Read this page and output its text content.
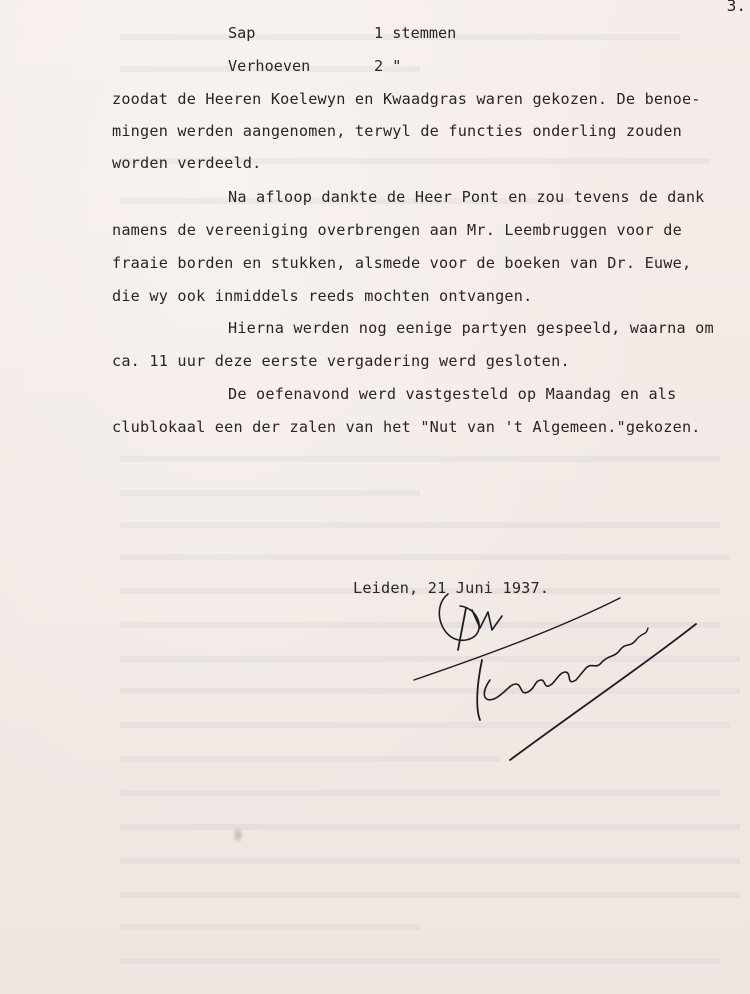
3.
Sap	1 stemmen
Verhoeven	2 "
zoodat de Heeren Koelewyn en Kwaadgras waren gekozen. De benoe-
mingen werden aangenomen, terwyl de functies onderling zouden
worden verdeeld.
Na afloop dankte de Heer Pont en zou tevens de dank
namens de vereeniging overbrengen aan Mr. Leembruggen voor de
fraaie borden en stukken, alsmede voor de boeken van Dr. Euwe,
die wy ook inmiddels reeds mochten ontvangen.
Hierna werden nog eenige partyen gespeeld, waarna om
ca. 11 uur deze eerste vergadering werd gesloten.
De oefenavond werd vastgesteld op Maandag en als
clublokaal een der zalen van het "Nut van 't Algemeen."gekozen.
Leiden, 21 Juni 1937.
